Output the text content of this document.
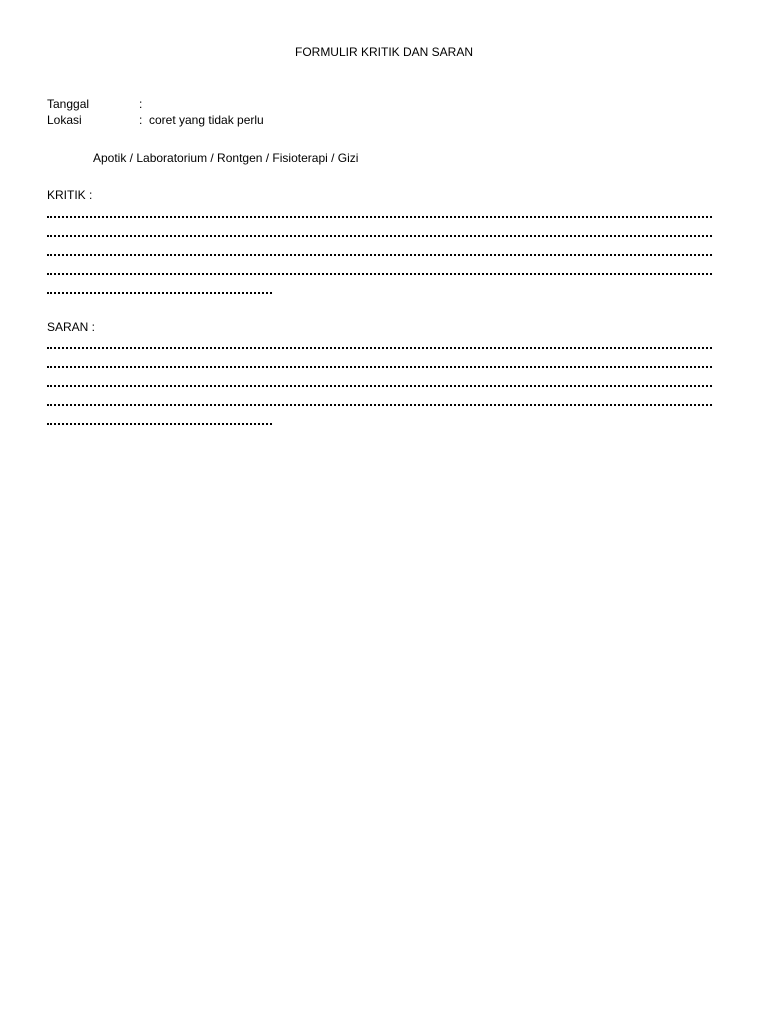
FORMULIR KRITIK DAN SARAN
Tanggal	:
Lokasi	: coret yang tidak perlu
Apotik / Laboratorium / Rontgen / Fisioterapi / Gizi
KRITIK :
SARAN :
